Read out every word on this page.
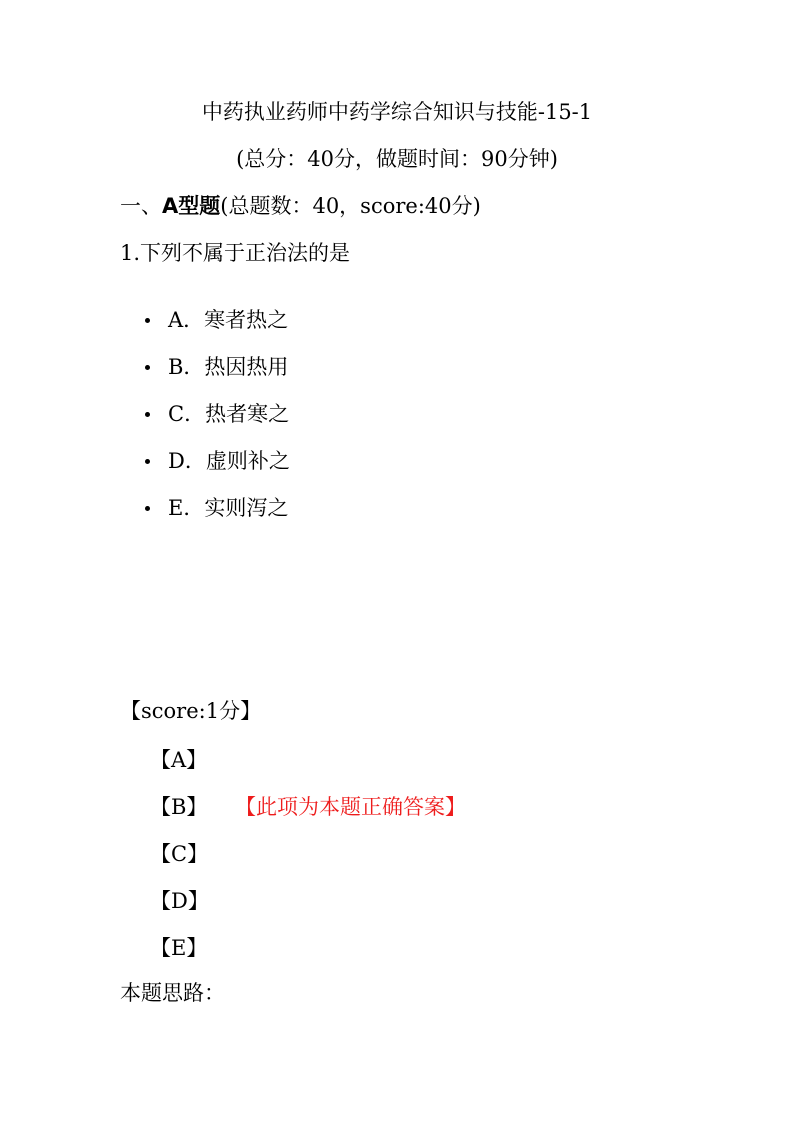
中药执业药师中药学综合知识与技能-15-1
(总分：40分，做题时间：90分钟)
一、A型题(总题数：40，score:40分)
1.下列不属于正治法的是
A．寒者热之
B．热因热用
C．热者寒之
D．虚则补之
E．实则泻之
【score:1分】
【A】
【B】 【此项为本题正确答案】
【C】
【D】
【E】
本题思路：
